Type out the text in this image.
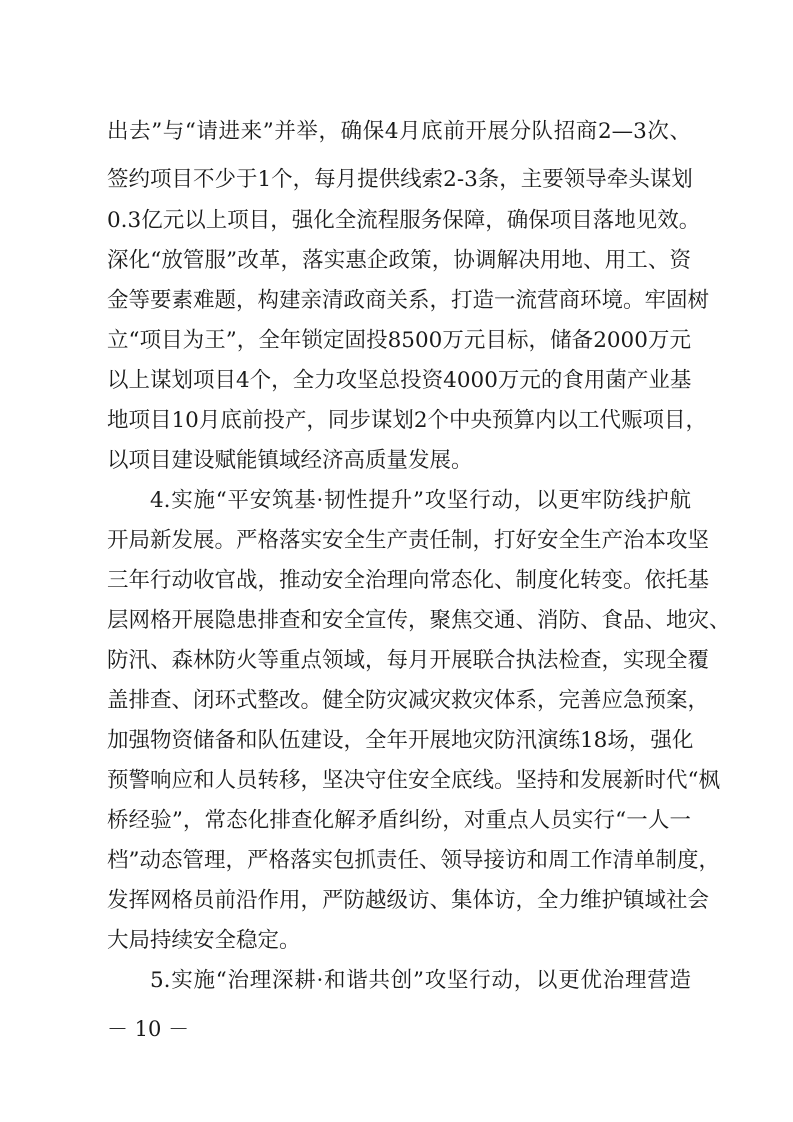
出去”与“请进来”并举，确保4月底前开展分队招商2—3次、
签约项目不少于1个，每月提供线索2-3条，主要领导牵头谋划
0.3亿元以上项目，强化全流程服务保障，确保项目落地见效。
深化“放管服”改革，落实惠企政策，协调解决用地、用工、资
金等要素难题，构建亲清政商关系，打造一流营商环境。牢固树
立“项目为王”，全年锁定固投8500万元目标，储备2000万元
以上谋划项目4个，全力攻坚总投资4000万元的食用菌产业基
地项目10月底前投产，同步谋划2个中央预算内以工代赈项目，
以项目建设赋能镇域经济高质量发展。
4.实施“平安筑基·韧性提升”攻坚行动，以更牢防线护航
开局新发展。严格落实安全生产责任制，打好安全生产治本攻坚
三年行动收官战，推动安全治理向常态化、制度化转变。依托基
层网格开展隐患排查和安全宣传，聚焦交通、消防、食品、地灾、
防汛、森林防火等重点领域，每月开展联合执法检查，实现全覆
盖排查、闭环式整改。健全防灾减灾救灾体系，完善应急预案，
加强物资储备和队伍建设，全年开展地灾防汛演练18场，强化
预警响应和人员转移，坚决守住安全底线。坚持和发展新时代“枫
桥经验”，常态化排查化解矛盾纠纷，对重点人员实行“一人一
档”动态管理，严格落实包抓责任、领导接访和周工作清单制度，
发挥网格员前沿作用，严防越级访、集体访，全力维护镇域社会
大局持续安全稳定。
5.实施“治理深耕·和谐共创”攻坚行动，以更优治理营造
－ 10 －
